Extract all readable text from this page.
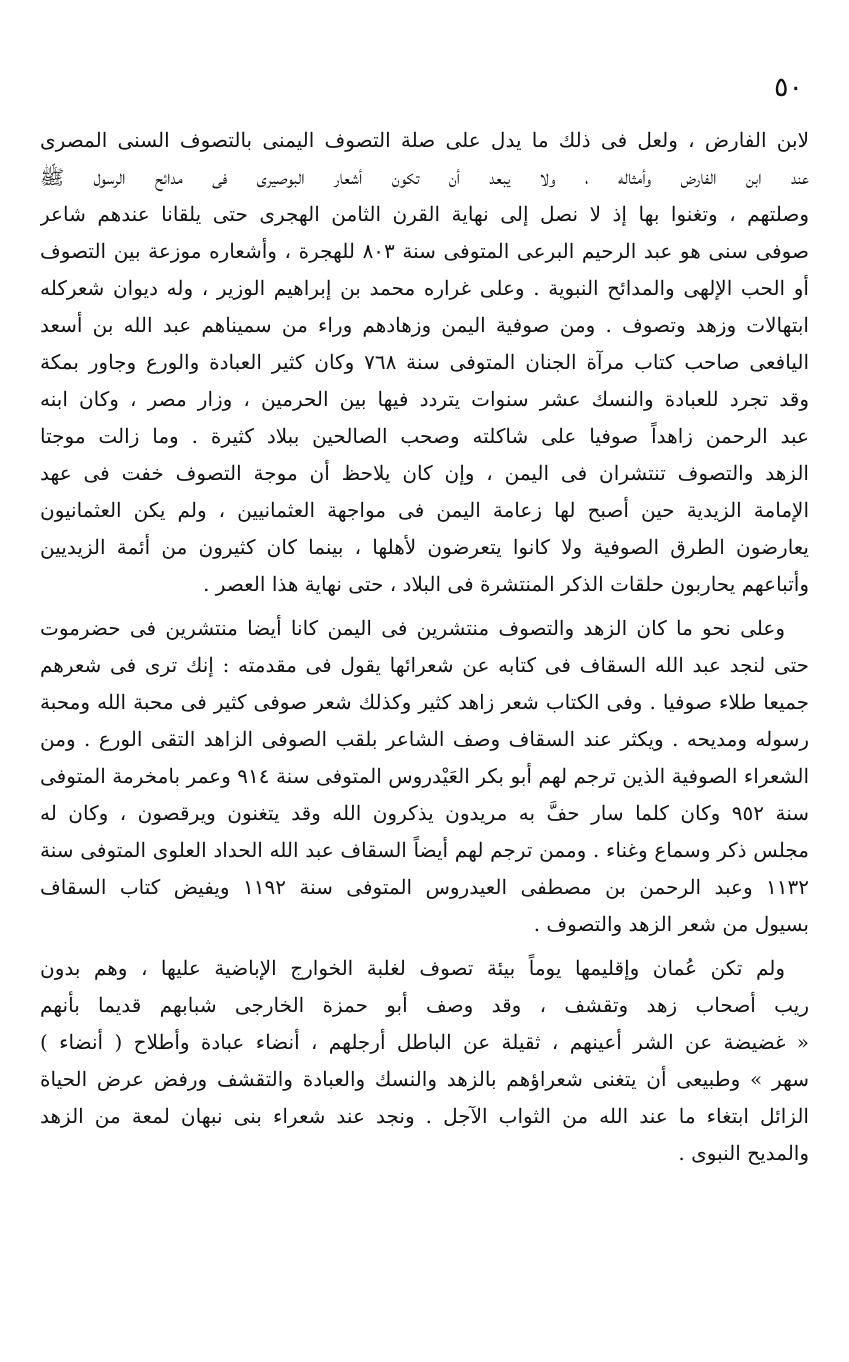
٥٠
لابن الفارض ، ولعل فى ذلك ما يدل على صلة التصوف اليمنى بالتصوف السنى المصرى
عند ابن الفارض وأمثاله ، ولا يبعد أن تكون أشعار البوصيرى فى مدائح الرسول ﷺ
وصلتهم ، وتغنوا بها إذ لا نصل إلى نهاية القرن الثامن الهجرى حتى يلقانا عندهم شاعر
صوفى سنى هو عبد الرحيم البرعى المتوفى سنة ٨٠٣ للهجرة ، وأشعاره موزعة بين التصوف
أو الحب الإلهى والمدائح النبوية . وعلى غراره محمد بن إبراهيم الوزير ، وله ديوان شعركله
ابتهالات وزهد وتصوف . ومن صوفية اليمن وزهادهم وراء من سميناهم عبد الله بن أسعد
اليافعى صاحب كتاب مرآة الجنان المتوفى سنة ٧٦٨ وكان كثير العبادة والورع وجاور بمكة
وقد تجرد للعبادة والنسك عشر سنوات يتردد فيها بين الحرمين ، وزار مصر ، وكان ابنه
عبد الرحمن زاهداً صوفيا على شاكلته وصحب الصالحين ببلاد كثيرة . وما زالت موجتا
الزهد والتصوف تنتشران فى اليمن ، وإن كان يلاحظ أن موجة التصوف خفت فى عهد
الإمامة الزيدية حين أصبح لها زعامة اليمن فى مواجهة العثمانيين ، ولم يكن العثمانيون
يعارضون الطرق الصوفية ولا كانوا يتعرضون لأهلها ، بينما كان كثيرون من أئمة الزيديين
وأتباعهم يحاربون حلقات الذكر المنتشرة فى البلاد ، حتى نهاية هذا العصر .
وعلى نحو ما كان الزهد والتصوف منتشرين فى اليمن كانا أيضا منتشرين فى حضرموت
حتى لنجد عبد الله السقاف فى كتابه عن شعرائها يقول فى مقدمته : إنك ترى فى شعرهم
جميعا طلاء صوفيا . وفى الكتاب شعر زاهد كثير وكذلك شعر صوفى كثير فى محبة الله ومحبة
رسوله ومديحه . ويكثر عند السقاف وصف الشاعر بلقب الصوفى الزاهد التقى الورع . ومن
الشعراء الصوفية الذين ترجم لهم أبو بكر العَيْدروس المتوفى سنة ٩١٤ وعمر بامخرمة المتوفى
سنة ٩٥٢ وكان كلما سار حفَّ به مريدون يذكرون الله وقد يتغنون ويرقصون ، وكان له
مجلس ذكر وسماع وغناء . وممن ترجم لهم أيضاً السقاف عبد الله الحداد العلوى المتوفى سنة
١١٣٢ وعبد الرحمن بن مصطفى العيدروس المتوفى سنة ١١٩٢ ويفيض كتاب السقاف
بسيول من شعر الزهد والتصوف .
ولم تكن عُمان وإقليمها يوماً بيئة تصوف لغلبة الخوارج الإباضية عليها ، وهم بدون
ريب أصحاب زهد وتقشف ، وقد وصف أبو حمزة الخارجى شبابهم قديما بأنهم
« غضيضة عن الشر أعينهم ، ثقيلة عن الباطل أرجلهم ، أنضاء عبادة وأطلاح ( أنضاء )
سهر » وطبيعى أن يتغنى شعراؤهم بالزهد والنسك والعبادة والتقشف ورفض عرض الحياة
الزائل ابتغاء ما عند الله من الثواب الآجل . ونجد عند شعراء بنى نبهان لمعة من الزهد
والمديح النبوى .
